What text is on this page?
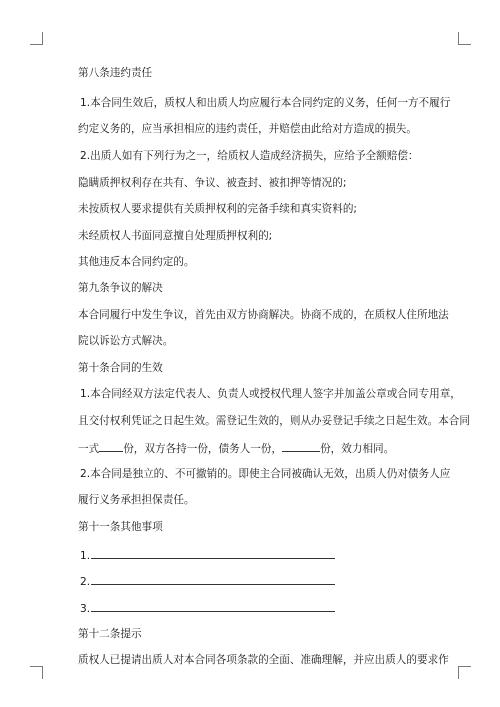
第八条违约责任
1.本合同生效后，质权人和出质人均应履行本合同约定的义务，任何一方不履行
约定义务的，应当承担相应的违约责任，并赔偿由此给对方造成的损失。
2.出质人如有下列行为之一，给质权人造成经济损失，应给予全额赔偿：
隐瞒质押权利存在共有、争议、被查封、被扣押等情况的;
未按质权人要求提供有关质押权利的完备手续和真实资料的;
未经质权人书面同意擅自处理质押权利的;
其他违反本合同约定的。
第九条争议的解决
本合同履行中发生争议，首先由双方协商解决。协商不成的，在质权人住所地法
院以诉讼方式解决。
第十条合同的生效
1.本合同经双方法定代表人、负责人或授权代理人签字并加盖公章或合同专用章，
且交付权利凭证之日起生效。需登记生效的，则从办妥登记手续之日起生效。本合同
一式 份，双方各持一份，债务人一份，	份，效力相同。
2.本合同是独立的、不可撤销的。即使主合同被确认无效，出质人仍对债务人应
履行义务承担担保责任。
第十一条其他事项
1.
2.
3.
第十二条提示
质权人已提请出质人对本合同各项条款的全面、准确理解，并应出质人的要求作
